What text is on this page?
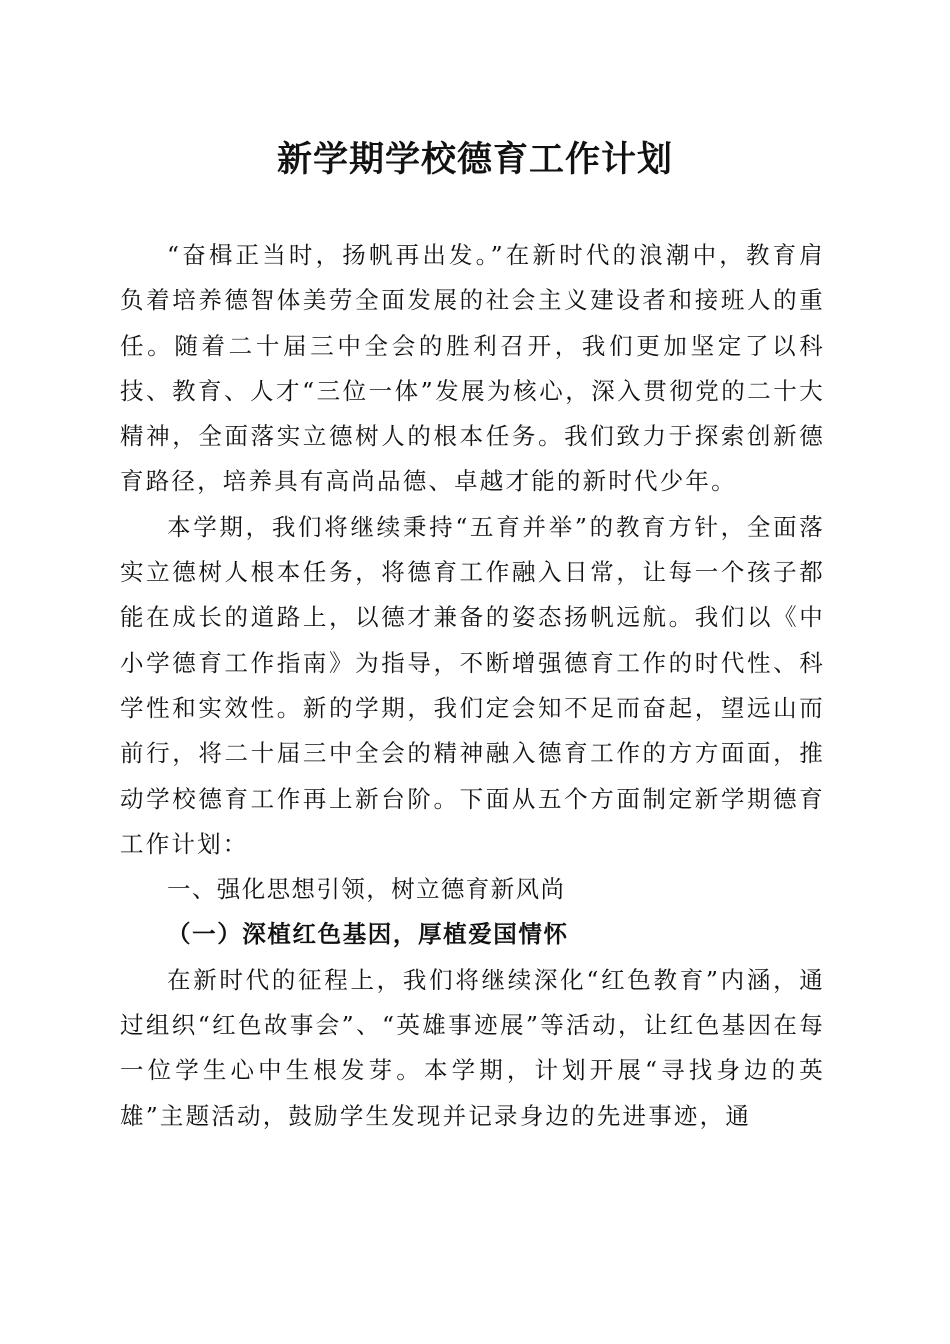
新学期学校德育工作计划

“奋楫正当时，扬帆再出发。”在新时代的浪潮中，教育肩负着培养德智体美劳全面发展的社会主义建设者和接班人的重任。随着二十届三中全会的胜利召开，我们更加坚定了以科技、教育、人才“三位一体”发展为核心，深入贯彻党的二十大精神，全面落实立德树人的根本任务。我们致力于探索创新德育路径，培养具有高尚品德、卓越才能的新时代少年。

本学期，我们将继续秉持“五育并举”的教育方针，全面落实立德树人根本任务，将德育工作融入日常，让每一个孩子都能在成长的道路上，以德才兼备的姿态扬帆远航。我们以《中小学德育工作指南》为指导，不断增强德育工作的时代性、科学性和实效性。新的学期，我们定会知不足而奋起，望远山而前行，将二十届三中全会的精神融入德育工作的方方面面，推动学校德育工作再上新台阶。下面从五个方面制定新学期德育工作计划：

一、强化思想引领，树立德育新风尚
（一）深植红色基因，厚植爱国情怀

在新时代的征程上，我们将继续深化“红色教育”内涵，通过组织“红色故事会”、“英雄事迹展”等活动，让红色基因在每一位学生心中生根发芽。本学期，计划开展“寻找身边的英雄”主题活动，鼓励学生发现并记录身边的先进事迹，通
